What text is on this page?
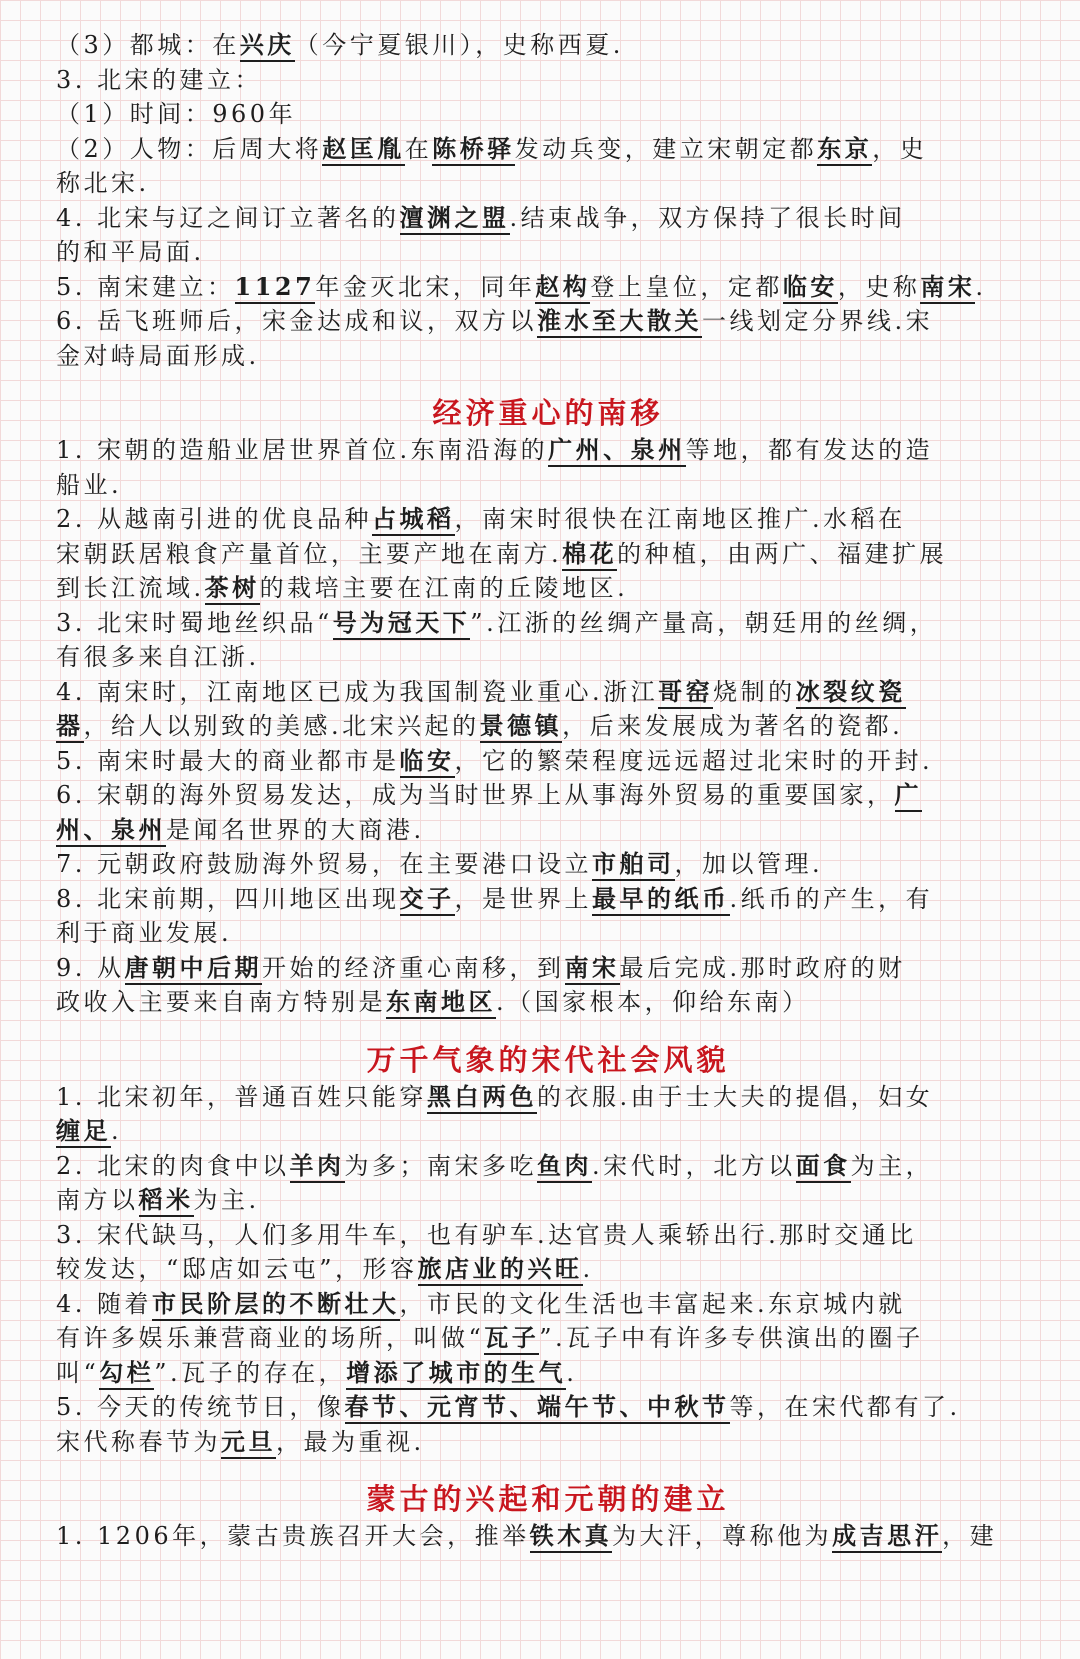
（3）都城：在兴庆（今宁夏银川），史称西夏.
3. 北宋的建立：
（1）时间：960年
（2）人物：后周大将赵匡胤在陈桥驿发动兵变，建立宋朝定都东京，史
称北宋.
4. 北宋与辽之间订立著名的澶渊之盟.结束战争，双方保持了很长时间
的和平局面.
5. 南宋建立：1127年金灭北宋，同年赵构登上皇位，定都临安，史称南宋.
6. 岳飞班师后，宋金达成和议，双方以淮水至大散关一线划定分界线.宋
金对峙局面形成.
经济重心的南移
1. 宋朝的造船业居世界首位.东南沿海的广州、泉州等地，都有发达的造
船业.
2. 从越南引进的优良品种占城稻，南宋时很快在江南地区推广.水稻在
宋朝跃居粮食产量首位，主要产地在南方.棉花的种植，由两广、福建扩展
到长江流域.茶树的栽培主要在江南的丘陵地区.
3. 北宋时蜀地丝织品“号为冠天下”.江浙的丝绸产量高，朝廷用的丝绸，
有很多来自江浙.
4. 南宋时，江南地区已成为我国制瓷业重心.浙江哥窑烧制的冰裂纹瓷
器，给人以别致的美感.北宋兴起的景德镇，后来发展成为著名的瓷都.
5. 南宋时最大的商业都市是临安，它的繁荣程度远远超过北宋时的开封.
6. 宋朝的海外贸易发达，成为当时世界上从事海外贸易的重要国家，广
州、泉州是闻名世界的大商港.
7. 元朝政府鼓励海外贸易，在主要港口设立市舶司，加以管理.
8. 北宋前期，四川地区出现交子，是世界上最早的纸币.纸币的产生，有
利于商业发展.
9. 从唐朝中后期开始的经济重心南移，到南宋最后完成.那时政府的财
政收入主要来自南方特别是东南地区.（国家根本，仰给东南）
万千气象的宋代社会风貌
1. 北宋初年，普通百姓只能穿黑白两色的衣服.由于士大夫的提倡，妇女
缠足.
2. 北宋的肉食中以羊肉为多；南宋多吃鱼肉.宋代时，北方以面食为主，
南方以稻米为主.
3. 宋代缺马，人们多用牛车，也有驴车.达官贵人乘轿出行.那时交通比
较发达，“邸店如云屯”，形容旅店业的兴旺.
4. 随着市民阶层的不断壮大，市民的文化生活也丰富起来.东京城内就
有许多娱乐兼营商业的场所，叫做“瓦子”.瓦子中有许多专供演出的圈子
叫“勾栏”.瓦子的存在，增添了城市的生气.
5. 今天的传统节日，像春节、元宵节、端午节、中秋节等，在宋代都有了.
宋代称春节为元旦，最为重视.
蒙古的兴起和元朝的建立
1. 1206年，蒙古贵族召开大会，推举铁木真为大汗，尊称他为成吉思汗，建
